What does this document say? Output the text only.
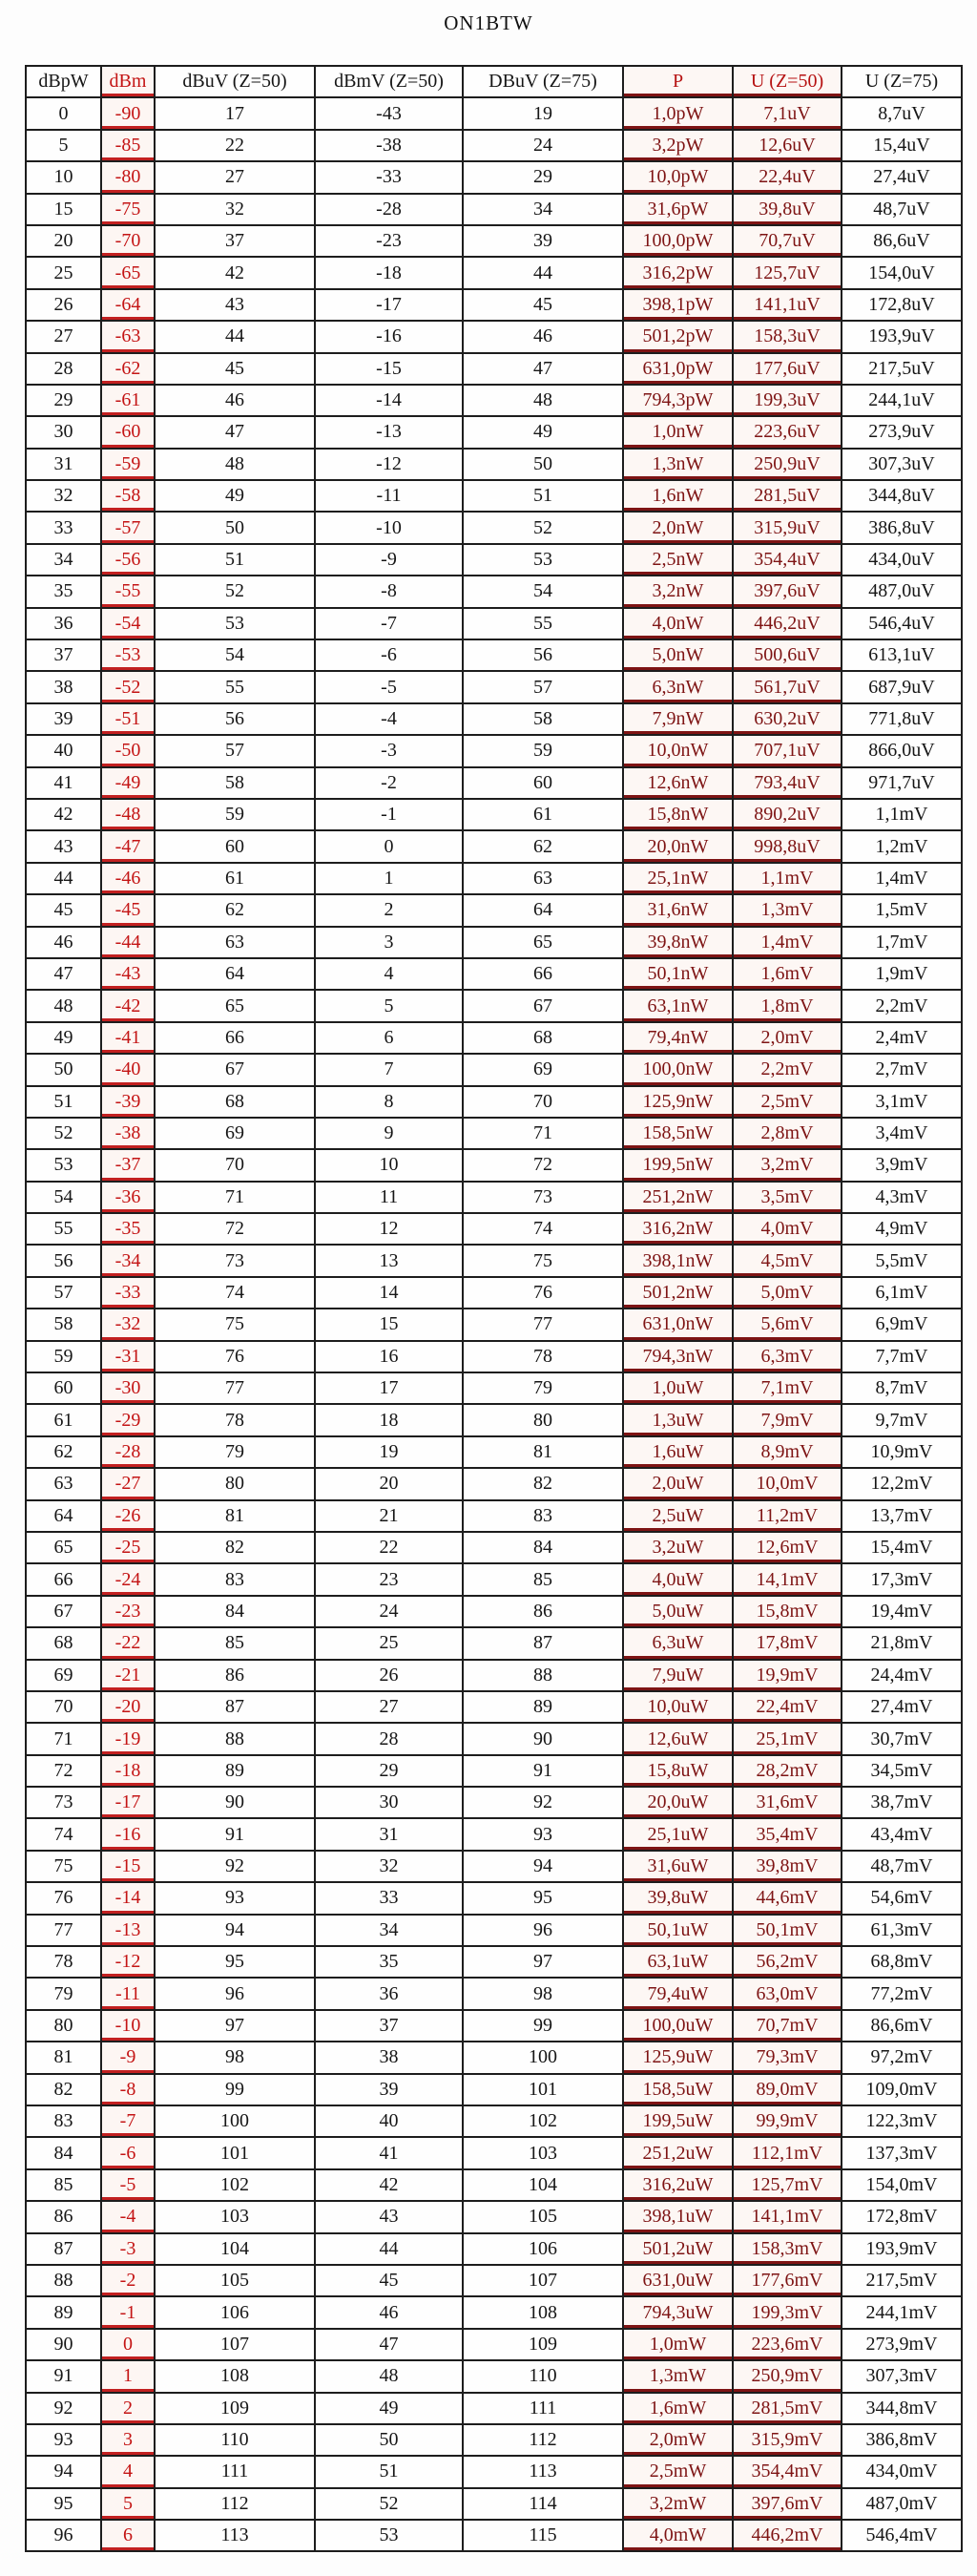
ON1BTW
dBpW	dBm	dBuV (Z=50)	dBmV (Z=50)	DBuV (Z=75)	P	U (Z=50)	U (Z=75)
0	-90	17	-43	19	1,0pW	7,1uV	8,7uV
5	-85	22	-38	24	3,2pW	12,6uV	15,4uV
10	-80	27	-33	29	10,0pW	22,4uV	27,4uV
15	-75	32	-28	34	31,6pW	39,8uV	48,7uV
20	-70	37	-23	39	100,0pW	70,7uV	86,6uV
25	-65	42	-18	44	316,2pW	125,7uV	154,0uV
26	-64	43	-17	45	398,1pW	141,1uV	172,8uV
27	-63	44	-16	46	501,2pW	158,3uV	193,9uV
28	-62	45	-15	47	631,0pW	177,6uV	217,5uV
29	-61	46	-14	48	794,3pW	199,3uV	244,1uV
30	-60	47	-13	49	1,0nW	223,6uV	273,9uV
31	-59	48	-12	50	1,3nW	250,9uV	307,3uV
32	-58	49	-11	51	1,6nW	281,5uV	344,8uV
33	-57	50	-10	52	2,0nW	315,9uV	386,8uV
34	-56	51	-9	53	2,5nW	354,4uV	434,0uV
35	-55	52	-8	54	3,2nW	397,6uV	487,0uV
36	-54	53	-7	55	4,0nW	446,2uV	546,4uV
37	-53	54	-6	56	5,0nW	500,6uV	613,1uV
38	-52	55	-5	57	6,3nW	561,7uV	687,9uV
39	-51	56	-4	58	7,9nW	630,2uV	771,8uV
40	-50	57	-3	59	10,0nW	707,1uV	866,0uV
41	-49	58	-2	60	12,6nW	793,4uV	971,7uV
42	-48	59	-1	61	15,8nW	890,2uV	1,1mV
43	-47	60	0	62	20,0nW	998,8uV	1,2mV
44	-46	61	1	63	25,1nW	1,1mV	1,4mV
45	-45	62	2	64	31,6nW	1,3mV	1,5mV
46	-44	63	3	65	39,8nW	1,4mV	1,7mV
47	-43	64	4	66	50,1nW	1,6mV	1,9mV
48	-42	65	5	67	63,1nW	1,8mV	2,2mV
49	-41	66	6	68	79,4nW	2,0mV	2,4mV
50	-40	67	7	69	100,0nW	2,2mV	2,7mV
51	-39	68	8	70	125,9nW	2,5mV	3,1mV
52	-38	69	9	71	158,5nW	2,8mV	3,4mV
53	-37	70	10	72	199,5nW	3,2mV	3,9mV
54	-36	71	11	73	251,2nW	3,5mV	4,3mV
55	-35	72	12	74	316,2nW	4,0mV	4,9mV
56	-34	73	13	75	398,1nW	4,5mV	5,5mV
57	-33	74	14	76	501,2nW	5,0mV	6,1mV
58	-32	75	15	77	631,0nW	5,6mV	6,9mV
59	-31	76	16	78	794,3nW	6,3mV	7,7mV
60	-30	77	17	79	1,0uW	7,1mV	8,7mV
61	-29	78	18	80	1,3uW	7,9mV	9,7mV
62	-28	79	19	81	1,6uW	8,9mV	10,9mV
63	-27	80	20	82	2,0uW	10,0mV	12,2mV
64	-26	81	21	83	2,5uW	11,2mV	13,7mV
65	-25	82	22	84	3,2uW	12,6mV	15,4mV
66	-24	83	23	85	4,0uW	14,1mV	17,3mV
67	-23	84	24	86	5,0uW	15,8mV	19,4mV
68	-22	85	25	87	6,3uW	17,8mV	21,8mV
69	-21	86	26	88	7,9uW	19,9mV	24,4mV
70	-20	87	27	89	10,0uW	22,4mV	27,4mV
71	-19	88	28	90	12,6uW	25,1mV	30,7mV
72	-18	89	29	91	15,8uW	28,2mV	34,5mV
73	-17	90	30	92	20,0uW	31,6mV	38,7mV
74	-16	91	31	93	25,1uW	35,4mV	43,4mV
75	-15	92	32	94	31,6uW	39,8mV	48,7mV
76	-14	93	33	95	39,8uW	44,6mV	54,6mV
77	-13	94	34	96	50,1uW	50,1mV	61,3mV
78	-12	95	35	97	63,1uW	56,2mV	68,8mV
79	-11	96	36	98	79,4uW	63,0mV	77,2mV
80	-10	97	37	99	100,0uW	70,7mV	86,6mV
81	-9	98	38	100	125,9uW	79,3mV	97,2mV
82	-8	99	39	101	158,5uW	89,0mV	109,0mV
83	-7	100	40	102	199,5uW	99,9mV	122,3mV
84	-6	101	41	103	251,2uW	112,1mV	137,3mV
85	-5	102	42	104	316,2uW	125,7mV	154,0mV
86	-4	103	43	105	398,1uW	141,1mV	172,8mV
87	-3	104	44	106	501,2uW	158,3mV	193,9mV
88	-2	105	45	107	631,0uW	177,6mV	217,5mV
89	-1	106	46	108	794,3uW	199,3mV	244,1mV
90	0	107	47	109	1,0mW	223,6mV	273,9mV
91	1	108	48	110	1,3mW	250,9mV	307,3mV
92	2	109	49	111	1,6mW	281,5mV	344,8mV
93	3	110	50	112	2,0mW	315,9mV	386,8mV
94	4	111	51	113	2,5mW	354,4mV	434,0mV
95	5	112	52	114	3,2mW	397,6mV	487,0mV
96	6	113	53	115	4,0mW	446,2mV	546,4mV
